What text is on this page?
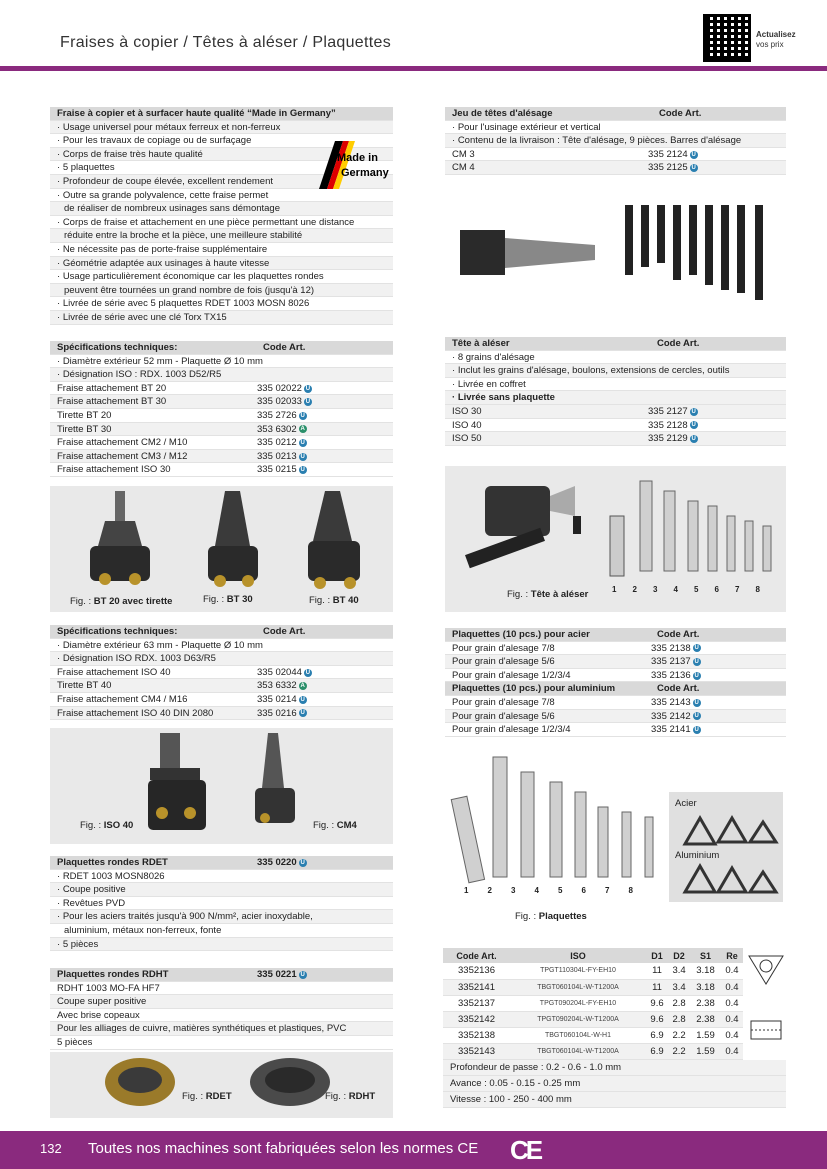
Fraises à copier / Têtes à aléser / Plaquettes	Actualisez
vos prix
Fraise à copier et à surfacer haute qualité “Made in Germany”
· Usage universel pour métaux ferreux et non-ferreux
· Pour les travaux de copiage ou de surfaçage
· Corps de fraise très haute qualité
· 5 plaquettes
· Profondeur de coupe élevée, excellent rendement
· Outre sa grande polyvalence, cette fraise permet
de réaliser de nombreux usinages sans démontage
· Corps de fraise et attachement en une pièce permettant une distance
réduite entre la broche et la pièce, une meilleure stabilité
· Ne nécessite pas de porte-fraise supplémentaire
· Géométrie adaptée aux usinages à haute vitesse
· Usage particulièrement économique car les plaquettes rondes
peuvent être tournées un grand nombre de fois (jusqu'à 12)
· Livrée de série avec 5 plaquettes RDET 1003 MOSN 8026
· Livrée de série avec une clé Torx TX15
Made in
Germany
Spécifications techniques:	Code Art.
· Diamètre extérieur 52 mm - Plaquette Ø 10 mm
· Désignation ISO : RDX. 1003 D52/R5
Fraise attachement BT 20	335 02022 U
Fraise attachement BT 30	335 02033 U
Tirette BT 20	335 2726 U
Tirette BT 30	353 6302 A
Fraise attachement CM2 / M10	335 0212 U
Fraise attachement CM3 / M12	335 0213 U
Fraise attachement ISO 30	335 0215 U
Fig. : BT 20 avec tirette	Fig. : BT 30	Fig. : BT 40
Spécifications techniques:	Code Art.
· Diamètre extérieur 63 mm - Plaquette Ø 10 mm
· Désignation ISO RDX. 1003 D63/R5
Fraise attachement ISO 40	335 02044 U
Tirette BT 40	353 6332 A
Fraise attachement CM4 / M16	335 0214 U
Fraise attachement ISO 40 DIN 2080	335 0216 U
Fig. : ISO 40	Fig. : CM4
Plaquettes rondes RDET	335 0220 U
· RDET 1003 MOSN8026
· Coupe positive
· Revêtues PVD
· Pour les aciers traités jusqu'à 900 N/mm², acier inoxydable,
aluminium, métaux non-ferreux, fonte
· 5 pièces
Plaquettes rondes RDHT	335 0221 U
RDHT 1003 MO-FA HF7
Coupe super positive
Avec brise copeaux
Pour les alliages de cuivre, matières synthétiques et plastiques, PVC
5 pièces
Fig. : RDET	Fig. : RDHT
Jeu de têtes d'alésage	Code Art.
· Pour l'usinage extérieur et vertical
· Contenu de la livraison : Tête d'alésage, 9 pièces. Barres d'alésage
CM 3	335 2124 U
CM 4	335 2125 U
Tête à aléser	Code Art.
· 8 grains d'alésage
· Inclut les grains d'alésage, boulons, extensions de cercles, outils
· Livrée en coffret
· Livrée sans plaquette
ISO 30	335 2127 U
ISO 40	335 2128 U
ISO 50	335 2129 U
1 2 3 4 5 6 7 8
Fig. : Tête à aléser
Plaquettes (10 pcs.) pour acier	Code Art.
Pour grain d'alesage 7/8	335 2138 U
Pour grain d'alesage 5/6	335 2137 U
Pour grain d'alesage 1/2/3/4	335 2136 U
Plaquettes (10 pcs.) pour aluminium	Code Art.
Pour grain d'alesage 7/8	335 2143 U
Pour grain d'alesage 5/6	335 2142 U
Pour grain d'alesage 1/2/3/4	335 2141 U
Acier
Aluminium
1 2 3 4 5 6 7 8
Fig. : Plaquettes
Code Art.	ISO	D1	D2	S1	Re
3352136	TPGT110304L-FY-EH10	11	3.4	3.18	0.4
3352141	TBGT060104L-W-T1200A	11	3.4	3.18	0.4
3352137	TPGT090204L-FY-EH10	9.6	2.8	2.38	0.4
3352142	TPGT090204L-W-T1200A	9.6	2.8	2.38	0.4
3352138	TBGT060104L-W-H1	6.9	2.2	1.59	0.4
3352143	TBGT060104L-W-T1200A	6.9	2.2	1.59	0.4
Profondeur de passe : 0.2 - 0.6 - 1.0 mm
Avance : 0.05 - 0.15 - 0.25 mm
Vitesse : 100 - 250 - 400 mm
132 Toutes nos machines sont fabriquées selon les normes CE CE
